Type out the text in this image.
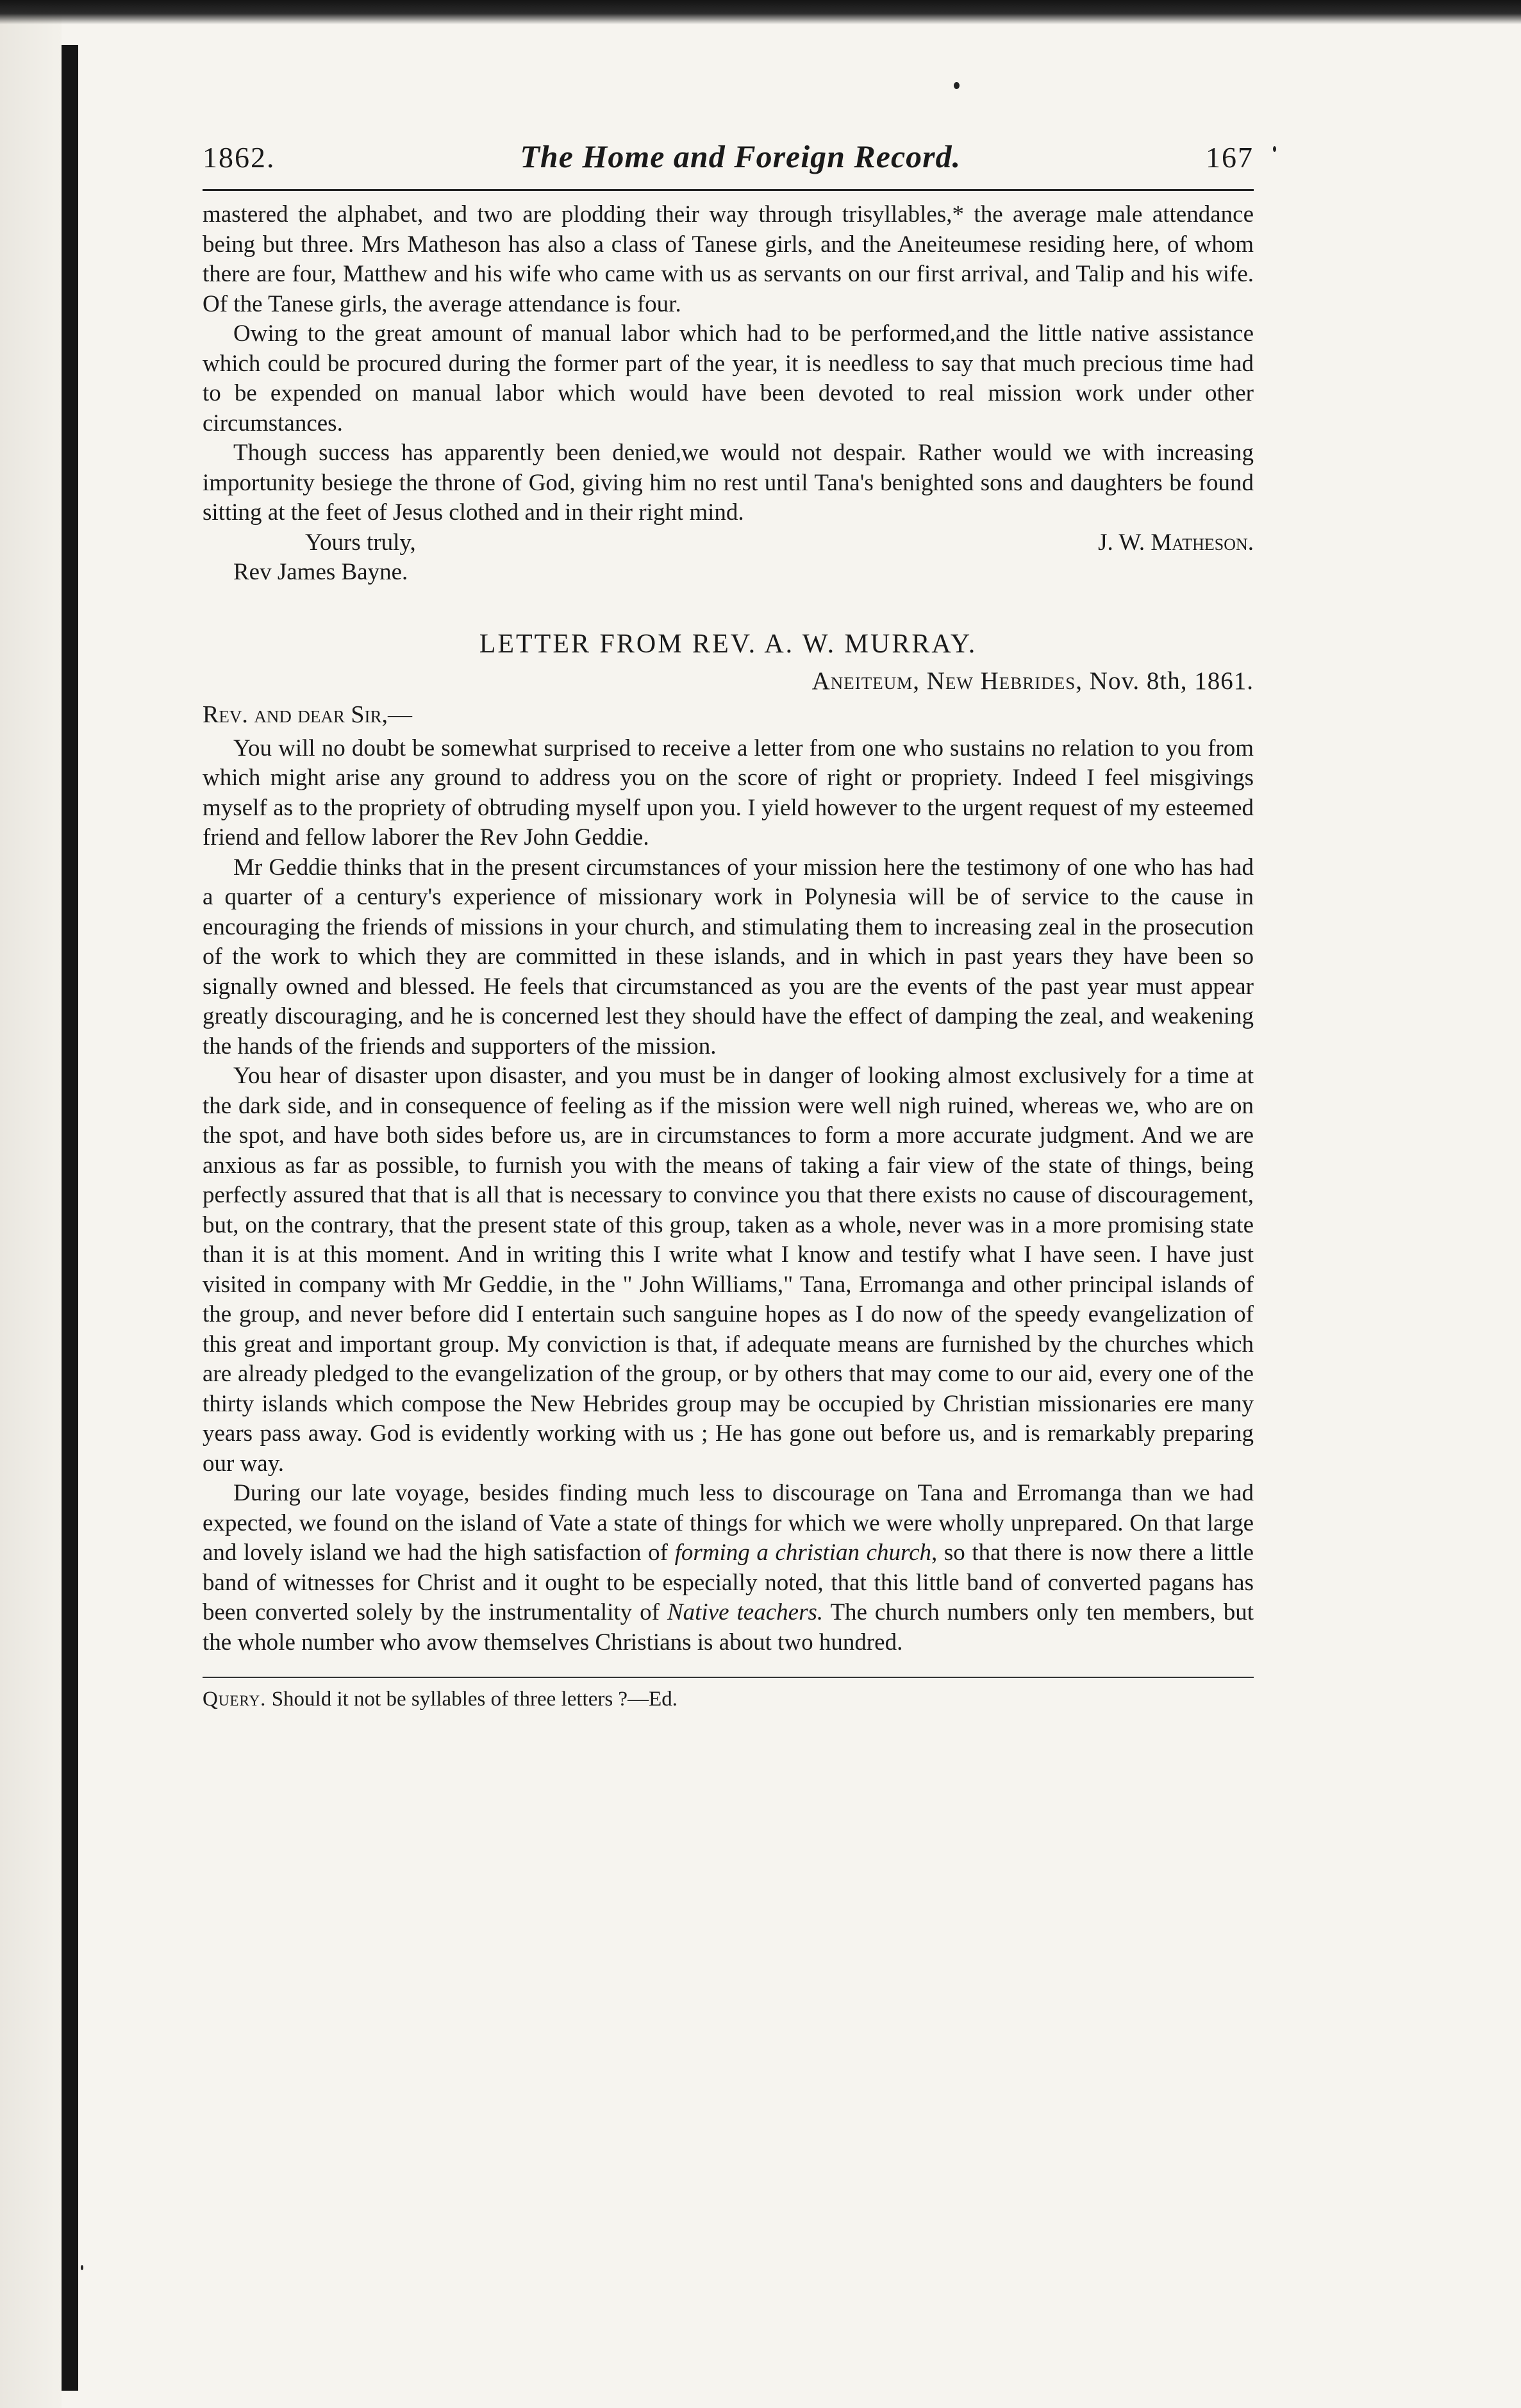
1862.	The Home and Foreign Record.	167

mastered the alphabet, and two are plodding their way through trisyllables,* the average male attendance being but three. Mrs Matheson has also a class of Tanese girls, and the Aneiteumese residing here, of whom there are four, Matthew and his wife who came with us as servants on our first arrival, and Talip and his wife. Of the Tanese girls, the average attendance is four.

Owing to the great amount of manual labor which had to be performed,and the little native assistance which could be procured during the former part of the year, it is needless to say that much precious time had to be expended on manual labor which would have been devoted to real mission work under other circumstances.

Though success has apparently been denied,we would not despair. Rather would we with increasing importunity besiege the throne of God, giving him no rest until Tana's benighted sons and daughters be found sitting at the feet of Jesus clothed and in their right mind.

Yours truly,	J. W. Matheson.
Rev James Bayne.
LETTER FROM REV. A. W. MURRAY.
Aneiteum, New Hebrides, Nov. 8th, 1861.
Rev. and dear Sir,—

You will no doubt be somewhat surprised to receive a letter from one who sustains no relation to you from which might arise any ground to address you on the score of right or propriety. Indeed I feel misgivings myself as to the propriety of obtruding myself upon you. I yield however to the urgent request of my esteemed friend and fellow laborer the Rev John Geddie.

Mr Geddie thinks that in the present circumstances of your mission here the testimony of one who has had a quarter of a century's experience of missionary work in Polynesia will be of service to the cause in encouraging the friends of missions in your church, and stimulating them to increasing zeal in the prosecution of the work to which they are committed in these islands, and in which in past years they have been so signally owned and blessed. He feels that circumstanced as you are the events of the past year must appear greatly discouraging, and he is concerned lest they should have the effect of damping the zeal, and weakening the hands of the friends and supporters of the mission.

You hear of disaster upon disaster, and you must be in danger of looking almost exclusively for a time at the dark side, and in consequence of feeling as if the mission were well nigh ruined, whereas we, who are on the spot, and have both sides before us, are in circumstances to form a more accurate judgment. And we are anxious as far as possible, to furnish you with the means of taking a fair view of the state of things, being perfectly assured that that is all that is necessary to convince you that there exists no cause of discouragement, but, on the contrary, that the present state of this group, taken as a whole, never was in a more promising state than it is at this moment. And in writing this I write what I know and testify what I have seen. I have just visited in company with Mr Geddie, in the " John Williams," Tana, Erromanga and other principal islands of the group, and never before did I entertain such sanguine hopes as I do now of the speedy evangelization of this great and important group. My conviction is that, if adequate means are furnished by the churches which are already pledged to the evangelization of the group, or by others that may come to our aid, every one of the thirty islands which compose the New Hebrides group may be occupied by Christian missionaries ere many years pass away. God is evidently working with us ; He has gone out before us, and is remarkably preparing our way.

During our late voyage, besides finding much less to discourage on Tana and Erromanga than we had expected, we found on the island of Vate a state of things for which we were wholly unprepared. On that large and lovely island we had the high satisfaction of forming a christian church, so that there is now there a little band of witnesses for Christ and it ought to be especially noted, that this little band of converted pagans has been converted solely by the instrumentality of Native teachers. The church numbers only ten members, but the whole number who avow themselves Christians is about two hundred.

Query. Should it not be syllables of three letters ?—Ed.
